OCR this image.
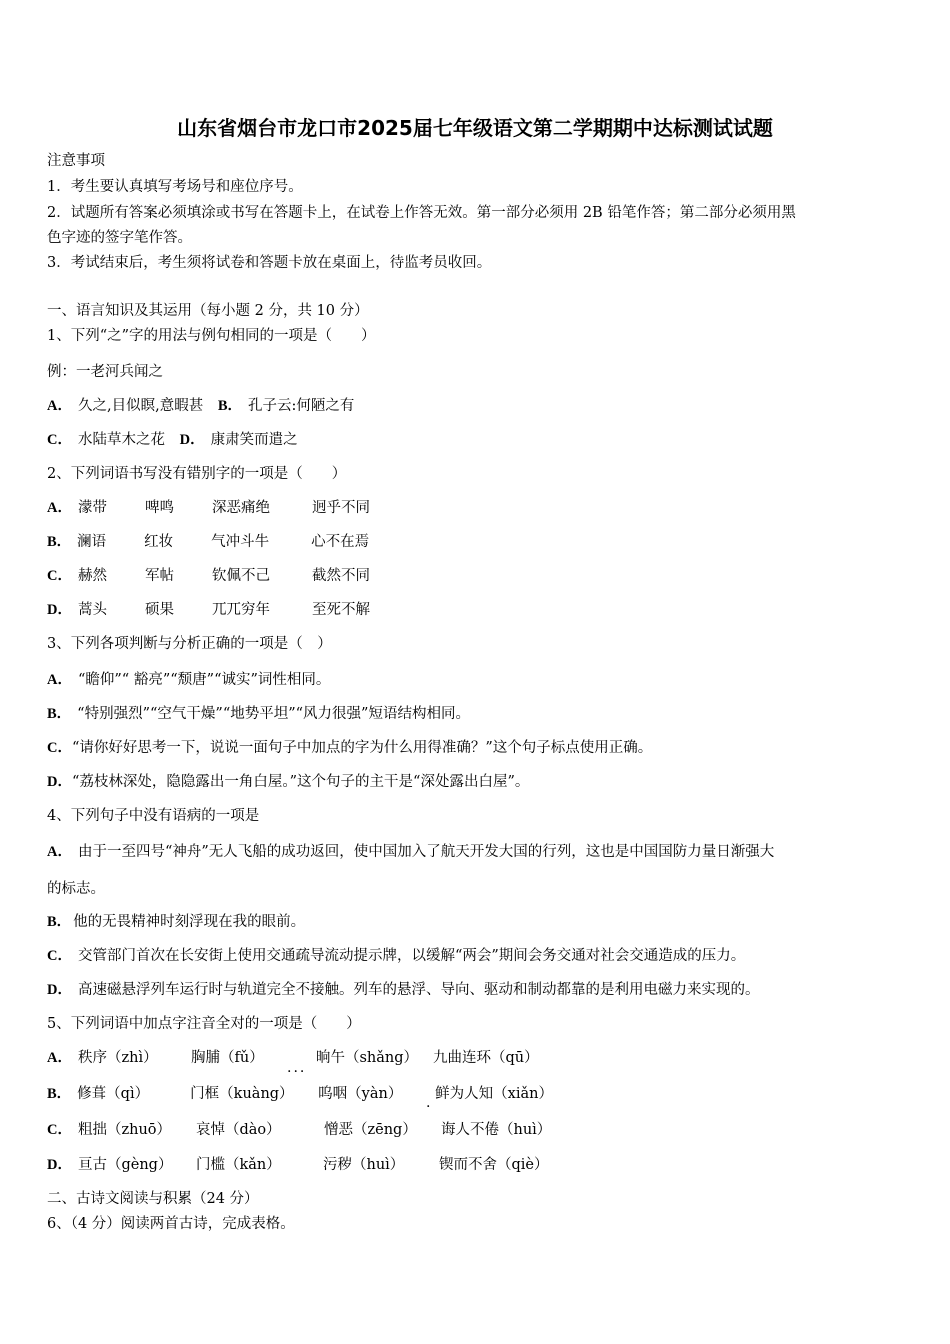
山东省烟台市龙口市2025届七年级语文第二学期期中达标测试试题
注意事项
1．考生要认真填写考场号和座位序号。
2．试题所有答案必须填涂或书写在答题卡上，在试卷上作答无效。第一部分必须用 2B 铅笔作答；第二部分必须用黑
色字迹的签字笔作答。
3．考试结束后，考生须将试卷和答题卡放在桌面上，待监考员收回。
一、语言知识及其运用（每小题 2 分，共 10 分）
1、下列“之”字的用法与例句相同的一项是（　　）
例：一老河兵闻之
A． 久之,目似瞑,意暇甚 B． 孔子云:何陋之有
C． 水陆草木之花 D． 康肃笑而遣之
2、下列词语书写没有错别字的一项是（　　）
A． 濛带	啤鸣	深恶痛绝	迥乎不同
B． 澜语	红妆	气冲斗牛	心不在焉
C． 赫然	军帖	钦佩不己	截然不同
D． 蒿头	硕果	兀兀穷年	至死不解
3、下列各项判断与分析正确的一项是（　）
A． “瞻仰”“ 豁亮”“颓唐”“诚实”词性相同。
B． “特别强烈”“空气干燥”“地势平坦”“风力很强”短语结构相同。
C．“请你好好思考一下，说说一面句子中加点的字为什么用得准确？”这个句子标点使用正确。
D．“荔枝林深处，隐隐露出一角白屋。”这个句子的主干是“深处露出白屋”。
4、下列句子中没有语病的一项是
A． 由于一至四号“神舟”无人飞船的成功返回，使中国加入了航天开发大国的行列，这也是中国国防力量日渐强大
的标志。
B． 他的无畏精神时刻浮现在我的眼前。
C． 交管部门首次在长安街上使用交通疏导流动提示牌，以缓解“两会”期间会务交通对社会交通造成的压力。
D． 高速磁悬浮列车运行时与轨道完全不接触。列车的悬浮、导向、驱动和制动都靠的是利用电磁力来实现的。
5、下列词语中加点字注音全对的一项是（　　）
A． 秩序（zhì） 胸脯（fǔ）	晌午（shǎng） 九曲连环（qū）
...
B． 修葺（qì）	门框（kuàng） 呜咽（yàn） 鲜为人知（xiǎn）
.
C． 粗拙（zhuō） 哀悼（dào）	憎恶（zēng） 诲人不倦（huì）
D． 亘古（gèng） 门槛（kǎn）	污秽（huì） 锲而不舍（qiè）
二、古诗文阅读与积累（24 分）
6、（4 分）阅读两首古诗，完成表格。
